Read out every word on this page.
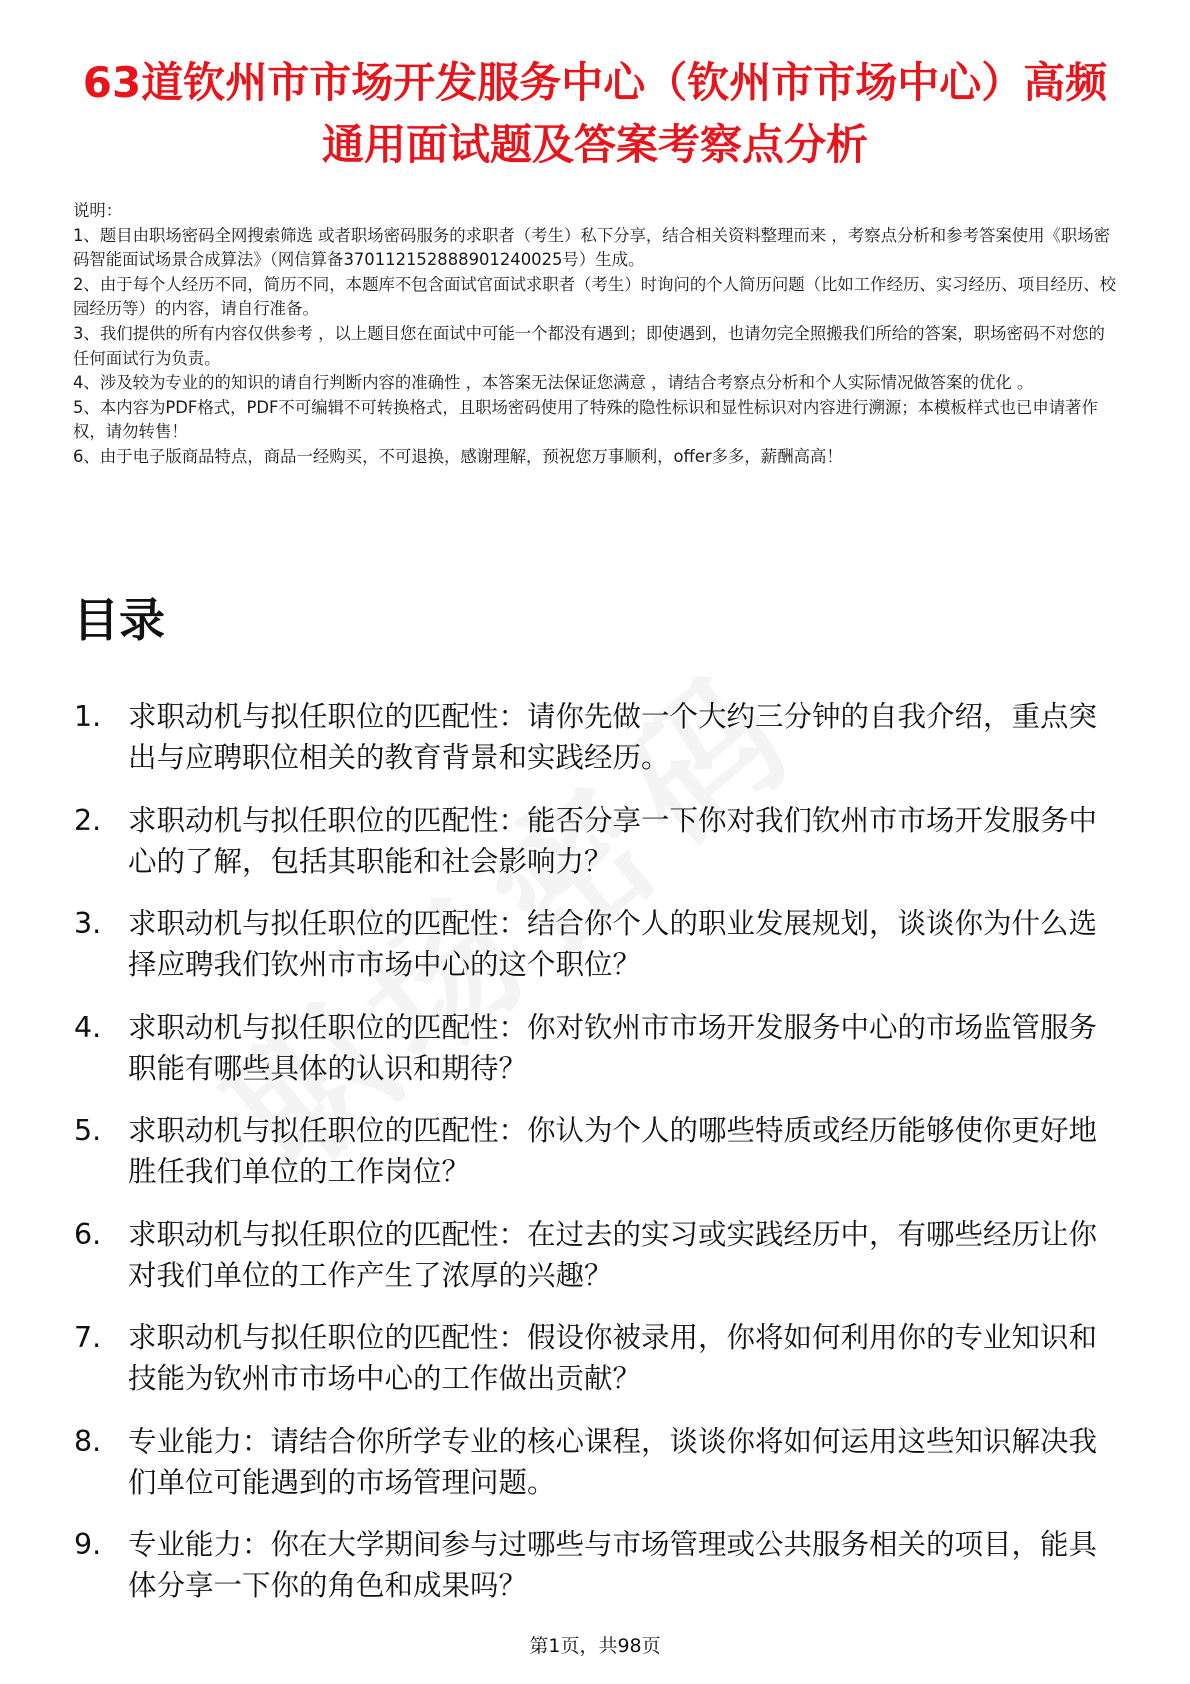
63道钦州市市场开发服务中心（钦州市市场中心）高频通用面试题及答案考察点分析

说明：

1、题目由职场密码全网搜索筛选 或者职场密码服务的求职者（考生）私下分享，结合相关资料整理而来 ，考察点分析和参考答案使用《职场密码智能面试场景合成算法》（网信算备370112152888901240025号）生成。

2、由于每个人经历不同，简历不同，本题库不包含面试官面试求职者（考生）时询问的个人简历问题（比如工作经历、实习经历、项目经历、校园经历等）的内容，请自行准备。

3、我们提供的所有内容仅供参考 ，以上题目您在面试中可能一个都没有遇到；即使遇到，也请勿完全照搬我们所给的答案，职场密码不对您的任何面试行为负责。

4、涉及较为专业的的知识的请自行判断内容的准确性 ，本答案无法保证您满意 ，请结合考察点分析和个人实际情况做答案的优化 。

5、本内容为PDF格式，PDF不可编辑不可转换格式，且职场密码使用了特殊的隐性标识和显性标识对内容进行溯源；本模板样式也已申请著作权，请勿转售！

6、由于电子版商品特点，商品一经购买，不可退换，感谢理解，预祝您万事顺利，offer多多，薪酬高高！

目录
1. 求职动机与拟任职位的匹配性：请你先做一个大约三分钟的自我介绍，重点突出与应聘职位相关的教育背景和实践经历。
2. 求职动机与拟任职位的匹配性：能否分享一下你对我们钦州市市场开发服务中心的了解，包括其职能和社会影响力？
3. 求职动机与拟任职位的匹配性：结合你个人的职业发展规划，谈谈你为什么选择应聘我们钦州市市场中心的这个职位？
4. 求职动机与拟任职位的匹配性：你对钦州市市场开发服务中心的市场监管服务职能有哪些具体的认识和期待？
5. 求职动机与拟任职位的匹配性：你认为个人的哪些特质或经历能够使你更好地胜任我们单位的工作岗位？
6. 求职动机与拟任职位的匹配性：在过去的实习或实践经历中，有哪些经历让你对我们单位的工作产生了浓厚的兴趣？
7. 求职动机与拟任职位的匹配性：假设你被录用，你将如何利用你的专业知识和技能为钦州市市场中心的工作做出贡献？
8. 专业能力：请结合你所学专业的核心课程，谈谈你将如何运用这些知识解决我们单位可能遇到的市场管理问题。
9. 专业能力：你在大学期间参与过哪些与市场管理或公共服务相关的项目，能具体分享一下你的角色和成果吗？
第1页，共98页
